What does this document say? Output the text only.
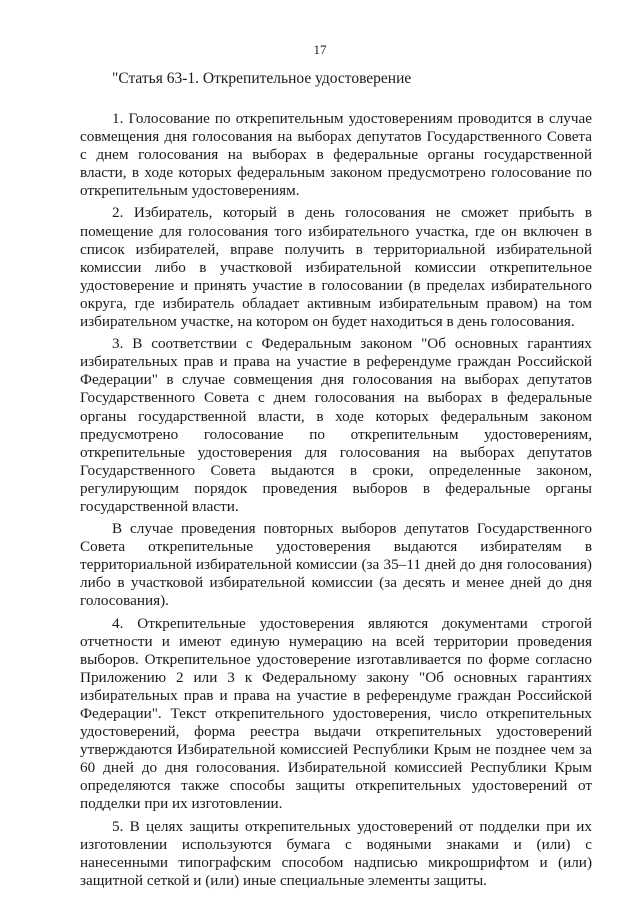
17
"Статья 63-1. Открепительное удостоверение

1. Голосование по открепительным удостоверениям проводится в случае совмещения дня голосования на выборах депутатов Государственного Совета с днем голосования на выборах в федеральные органы государственной власти, в ходе которых федеральным законом предусмотрено голосование по открепительным удостоверениям.

2. Избиратель, который в день голосования не сможет прибыть в помещение для голосования того избирательного участка, где он включен в список избирателей, вправе получить в территориальной избирательной комиссии либо в участковой избирательной комиссии открепительное удостоверение и принять участие в голосовании (в пределах избирательного округа, где избиратель обладает активным избирательным правом) на том избирательном участке, на котором он будет находиться в день голосования.

3. В соответствии с Федеральным законом "Об основных гарантиях избирательных прав и права на участие в референдуме граждан Российской Федерации" в случае совмещения дня голосования на выборах депутатов Государственного Совета с днем голосования на выборах в федеральные органы государственной власти, в ходе которых федеральным законом предусмотрено голосование по открепительным удостоверениям, открепительные удостоверения для голосования на выборах депутатов Государственного Совета выдаются в сроки, определенные законом, регулирующим порядок проведения выборов в федеральные органы государственной власти.

В случае проведения повторных выборов депутатов Государственного Совета открепительные удостоверения выдаются избирателям в территориальной избирательной комиссии (за 35–11 дней до дня голосования) либо в участковой избирательной комиссии (за десять и менее дней до дня голосования).

4. Открепительные удостоверения являются документами строгой отчетности и имеют единую нумерацию на всей территории проведения выборов. Открепительное удостоверение изготавливается по форме согласно Приложению 2 или 3 к Федеральному закону "Об основных гарантиях избирательных прав и права на участие в референдуме граждан Российской Федерации". Текст открепительного удостоверения, число открепительных удостоверений, форма реестра выдачи открепительных удостоверений утверждаются Избирательной комиссией Республики Крым не позднее чем за 60 дней до дня голосования. Избирательной комиссией Республики Крым определяются также способы защиты открепительных удостоверений от подделки при их изготовлении.

5. В целях защиты открепительных удостоверений от подделки при их изготовлении используются бумага с водяными знаками и (или) с нанесенными типографским способом надписью микрошрифтом и (или) защитной сеткой и (или) иные специальные элементы защиты.
